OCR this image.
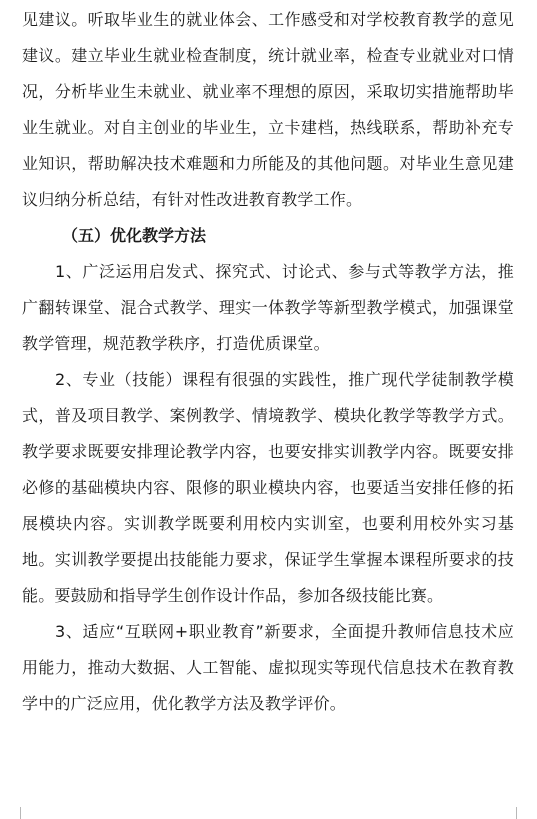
见建议。听取毕业生的就业体会、工作感受和对学校教育教学的意见建议。建立毕业生就业检查制度，统计就业率，检查专业就业对口情况，分析毕业生未就业、就业率不理想的原因，采取切实措施帮助毕业生就业。对自主创业的毕业生，立卡建档，热线联系，帮助补充专业知识，帮助解决技术难题和力所能及的其他问题。对毕业生意见建议归纳分析总结，有针对性改进教育教学工作。

（五）优化教学方法

1、广泛运用启发式、探究式、讨论式、参与式等教学方法，推广翻转课堂、混合式教学、理实一体教学等新型教学模式，加强课堂教学管理，规范教学秩序，打造优质课堂。

2、专业（技能）课程有很强的实践性，推广现代学徒制教学模式，普及项目教学、案例教学、情境教学、模块化教学等教学方式。教学要求既要安排理论教学内容，也要安排实训教学内容。既要安排必修的基础模块内容、限修的职业模块内容，也要适当安排任修的拓展模块内容。实训教学既要利用校内实训室，也要利用校外实习基地。实训教学要提出技能能力要求，保证学生掌握本课程所要求的技能。要鼓励和指导学生创作设计作品，参加各级技能比赛。

3、适应“互联网+职业教育”新要求，全面提升教师信息技术应用能力，推动大数据、人工智能、虚拟现实等现代信息技术在教育教学中的广泛应用，优化教学方法及教学评价。
